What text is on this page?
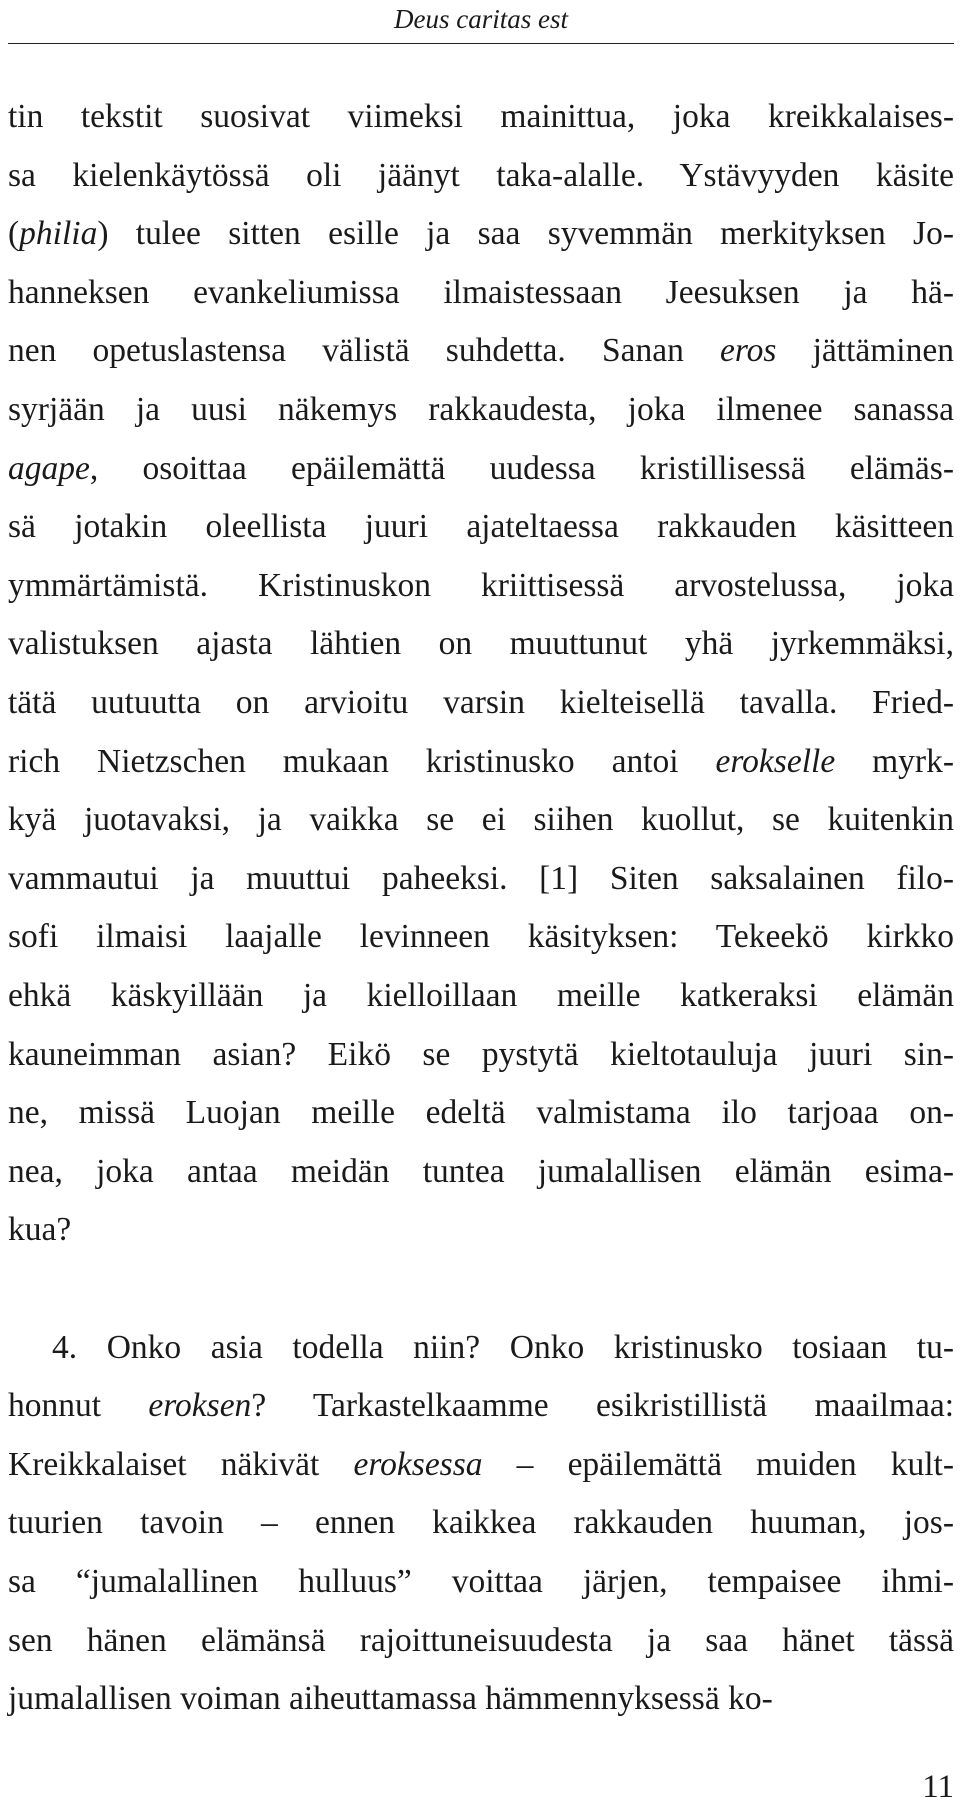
Deus caritas est
tin tekstit suosivat viimeksi mainittua, joka kreikkalaises-
sa kielenkäytössä oli jäänyt taka-alalle. Ystävyyden käsite
(philia) tulee sitten esille ja saa syvemmän merkityksen Jo-
hanneksen evankeliumissa ilmaistessaan Jeesuksen ja hä-
nen opetuslastensa välistä suhdetta. Sanan eros jättäminen
syrjään ja uusi näkemys rakkaudesta, joka ilmenee sanassa
agape, osoittaa epäilemättä uudessa kristillisessä elämäs-
sä jotakin oleellista juuri ajateltaessa rakkauden käsitteen
ymmärtämistä. Kristinuskon kriittisessä arvostelussa, joka
valistuksen ajasta lähtien on muuttunut yhä jyrkemmäksi,
tätä uutuutta on arvioitu varsin kielteisellä tavalla. Fried-
rich Nietzschen mukaan kristinusko antoi erokselle myrk-
kyä juotavaksi, ja vaikka se ei siihen kuollut, se kuitenkin
vammautui ja muuttui paheeksi. [1] Siten saksalainen filo-
sofi ilmaisi laajalle levinneen käsityksen: Tekeekö kirkko
ehkä käskyillään ja kielloillaan meille katkeraksi elämän
kauneimman asian? Eikö se pystytä kieltotauluja juuri sin-
ne, missä Luojan meille edeltä valmistama ilo tarjoaa on-
nea, joka antaa meidän tuntea jumalallisen elämän esima-
kua?
4. Onko asia todella niin? Onko kristinusko tosiaan tu-
honnut eroksen? Tarkastelkaamme esikristillistä maailmaa:
Kreikkalaiset näkivät eroksessa – epäilemättä muiden kult-
tuurien tavoin – ennen kaikkea rakkauden huuman, jos-
sa “jumalallinen hulluus” voittaa järjen, tempaisee ihmi-
sen hänen elämänsä rajoittuneisuudesta ja saa hänet tässä
jumalallisen voiman aiheuttamassa hämmennyksessä ko-
11
